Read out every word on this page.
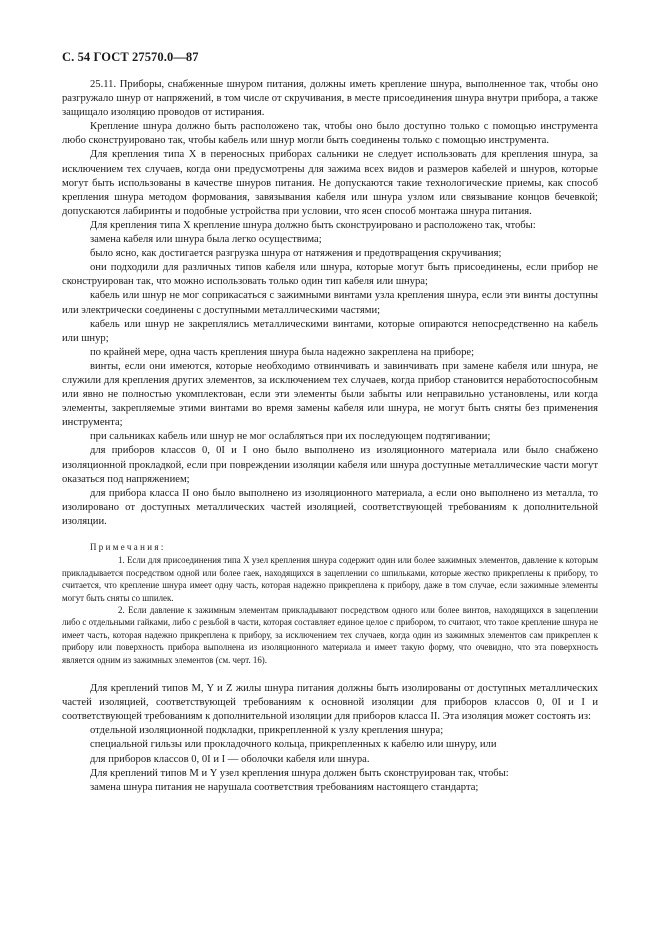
С. 54 ГОСТ 27570.0—87

25.11. Приборы, снабженные шнуром питания, должны иметь крепление шнура, выполненное так, чтобы оно разгружало шнур от напряжений, в том числе от скручивания, в месте присоединения шнура внутри прибора, а также защищало изоляцию проводов от истирания.

Крепление шнура должно быть расположено так, чтобы оно было доступно только с помощью инструмента любо сконструировано так, чтобы кабель или шнур могли быть соединены только с помощью инструмента.

Для крепления типа X в переносных приборах сальники не следует использовать для крепления шнура, за исключением тех случаев, когда они предусмотрены для зажима всех видов и размеров кабелей и шнуров, которые могут быть использованы в качестве шнуров питания. Не допускаются такие технологические приемы, как способ крепления шнура методом формования, завязывания кабеля или шнура узлом или связывание концов бечевкой; допускаются лабиринты и подобные устройства при условии, что ясен способ монтажа шнура питания.

Для крепления типа X крепление шнура должно быть сконструировано и расположено так, чтобы:

замена кабеля или шнура была легко осуществима;

было ясно, как достигается разгрузка шнура от натяжения и предотвращения скручивания;

они подходили для различных типов кабеля или шнура, которые могут быть присоединены, если прибор не сконструирован так, что можно использовать только один тип кабеля или шнура;

кабель или шнур не мог соприкасаться с зажимными винтами узла крепления шнура, если эти винты доступны или электрически соединены с доступными металлическими частями;

кабель или шнур не закреплялись металлическими винтами, которые опираются непосредственно на кабель или шнур;

по крайней мере, одна часть крепления шнура была надежно закреплена на приборе;

винты, если они имеются, которые необходимо отвинчивать и завинчивать при замене кабеля или шнура, не служили для крепления других элементов, за исключением тех случаев, когда прибор становится неработоспособным или явно не полностью укомплектован, если эти элементы были забыты или неправильно установлены, или когда элементы, закрепляемые этими винтами во время замены кабеля или шнура, не могут быть сняты без применения инструмента;

при сальниках кабель или шнур не мог ослабляться при их последующем подтягивании;

для приборов классов 0, 0I и I оно было выполнено из изоляционного материала или было снабжено изоляционной прокладкой, если при повреждении изоляции кабеля или шнура доступные металлические части могут оказаться под напряжением;

для прибора класса II оно было выполнено из изоляционного материала, а если оно выполнено из металла, то изолировано от доступных металлических частей изоляцией, соответствующей требованиям к дополнительной изоляции.

Примечания:

1. Если для присоединения типа X узел крепления шнура содержит один или более зажимных элементов, давление к которым прикладывается посредством одной или более гаек, находящихся в зацеплении со шпильками, которые жестко прикреплены к прибору, то считается, что крепление шнура имеет одну часть, которая надежно прикреплена к прибору, даже в том случае, если зажимные элементы могут быть сняты со шпилек.

2. Если давление к зажимным элементам прикладывают посредством одного или более винтов, находящихся в зацеплении либо с отдельными гайками, либо с резьбой в части, которая составляет единое целое с прибором, то считают, что такое крепление шнура не имеет часть, которая надежно прикреплена к прибору, за исключением тех случаев, когда один из зажимных элементов сам прикреплен к прибору или поверхность прибора выполнена из изоляционного материала и имеет такую форму, что очевидно, что эта поверхность является одним из зажимных элементов (см. черт. 16).

Для креплений типов M, Y и Z жилы шнура питания должны быть изолированы от доступных металлических частей изоляцией, соответствующей требованиям к основной изоляции для приборов классов 0, 0I и I и соответствующей требованиям к дополнительной изоляции для приборов класса II. Эта изоляция может состоять из:

отдельной изоляционной подкладки, прикрепленной к узлу крепления шнура;

специальной гильзы или прокладочного кольца, прикрепленных к кабелю или шнуру, или

для приборов классов 0, 0I и I — оболочки кабеля или шнура.

Для креплений типов M и Y узел крепления шнура должен быть сконструирован так, чтобы:

замена шнура питания не нарушала соответствия требованиям настоящего стандарта;
